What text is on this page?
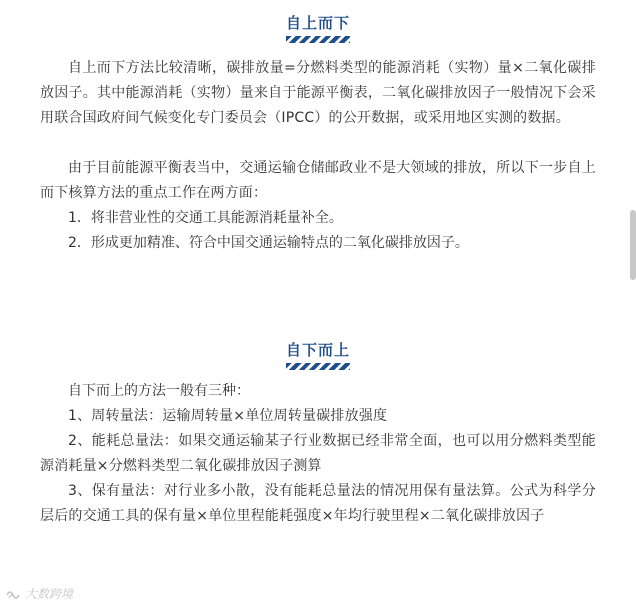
自上而下

自上而下方法比较清晰，碳排放量=分燃料类型的能源消耗（实物）量×二氧化碳排放因子。其中能源消耗（实物）量来自于能源平衡表，二氧化碳排放因子一般情况下会采用联合国政府间气候变化专门委员会（IPCC）的公开数据，或采用地区实测的数据。

由于目前能源平衡表当中，交通运输仓储邮政业不是大领域的排放，所以下一步自上而下核算方法的重点工作在两方面：

1．将非营业性的交通工具能源消耗量补全。

2．形成更加精准、符合中国交通运输特点的二氧化碳排放因子。

自下而上

自下而上的方法一般有三种：

1、周转量法：运输周转量×单位周转量碳排放强度

2、能耗总量法：如果交通运输某子行业数据已经非常全面，也可以用分燃料类型能源消耗量×分燃料类型二氧化碳排放因子测算

3、保有量法：对行业多小散，没有能耗总量法的情况用保有量法算。公式为科学分层后的交通工具的保有量×单位里程能耗强度×年均行驶里程×二氧化碳排放因子

大数跨境
